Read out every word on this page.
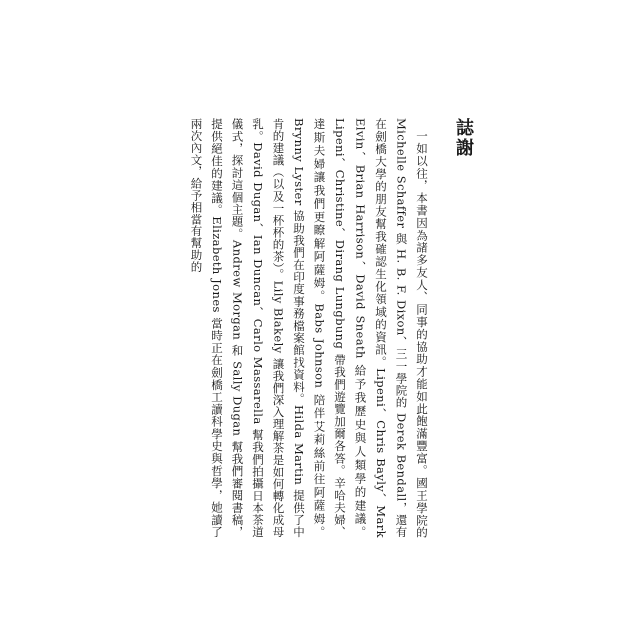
誌謝

一如以往，本書因為諸多友人、同事的協助才能如此飽滿豐富。國王學院的 Michelle Schaffer 與 H. B. F. Dixon、三一學院的 Derek Bendall，還有在劍橋大學的朋友幫我確認生化領域的資訊。Lipeni、Chris Bayly、Mark Elvin、Brian Harrison、David Sneath 給予我歷史與人類學的建議。Lipeni、Christine、Dirang Lungbung 帶我們遊覽加爾各答。辛哈夫婦、達斯夫婦讓我們更瞭解阿薩姆。Babs Johnson 陪伴艾莉絲前往阿薩姆。Brynny Lyster 協助我們在印度事務檔案館找資料。Hilda Martin 提供了中肯的建議（以及一杯杯的茶）。Lily Blakely 讓我們深入理解茶是如何轉化成母乳。David Dugan、Ian Duncan、Carlo Massarella 幫我們拍攝日本茶道儀式，探討這個主題。Andrew Morgan 和 Sally Dugan 幫我們審閱書稿，提供絕佳的建議。Elizabeth Jones 當時正在劍橋工讀科學史與哲學，她讀了兩次內文，給予相當有幫助的
